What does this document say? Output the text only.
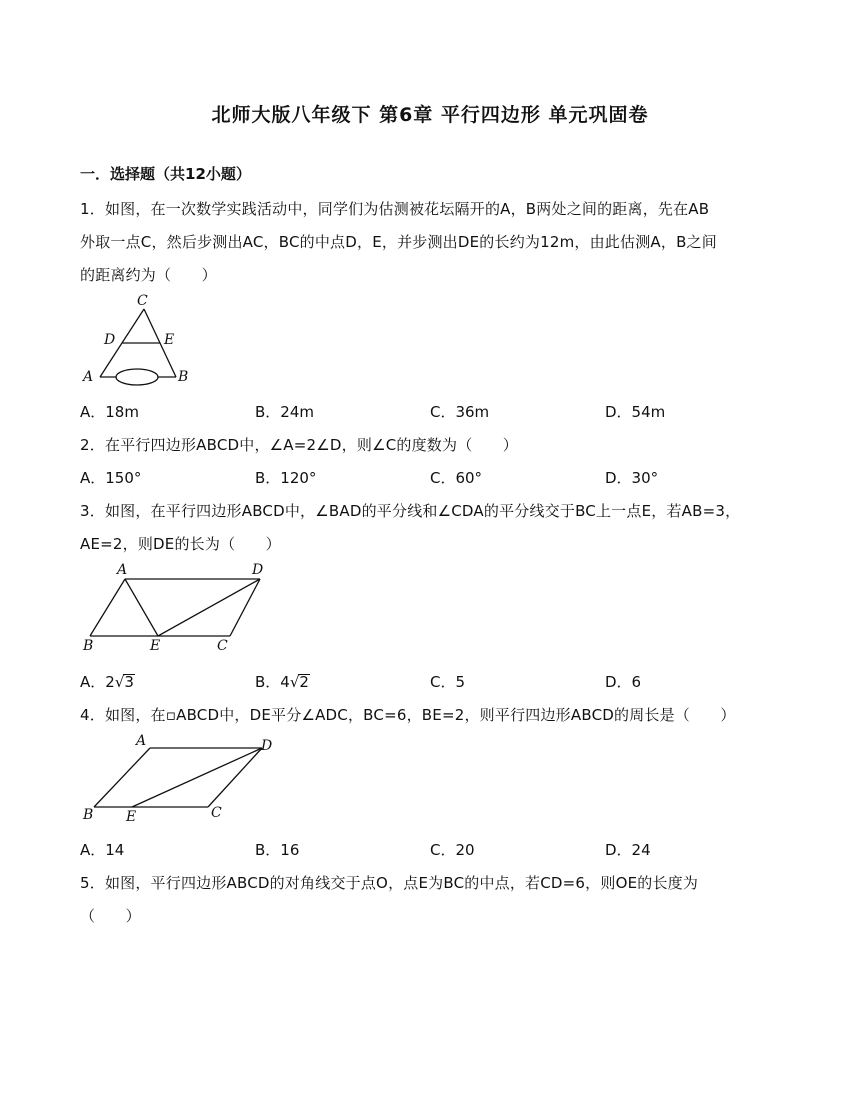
北师大版八年级下 第6章 平行四边形 单元巩固卷
一．选择题（共12小题）
1．如图，在一次数学实践活动中，同学们为估测被花坛隔开的A，B两处之间的距离，先在AB
外取一点C，然后步测出AC，BC的中点D，E，并步测出DE的长约为12m，由此估测A，B之间
的距离约为（　　）
C
D	E
A	B
A．18m	B．24m	C．36m	D．54m
2．在平行四边形ABCD中，∠A=2∠D，则∠C的度数为（　　）
A．150°	B．120°	C．60°	D．30°
3．如图，在平行四边形ABCD中，∠BAD的平分线和∠CDA的平分线交于BC上一点E，若AB=3，
AE=2，则DE的长为（　　）
A	D
B	E	C
A．2√3	B．4√2	C．5	D．6
4．如图，在▫ABCD中，DE平分∠ADC，BC=6，BE=2，则平行四边形ABCD的周长是（　　）
A	D
B E	C
A．14	B．16	C．20	D．24
5．如图，平行四边形ABCD的对角线交于点O，点E为BC的中点，若CD=6，则OE的长度为
（　　）
